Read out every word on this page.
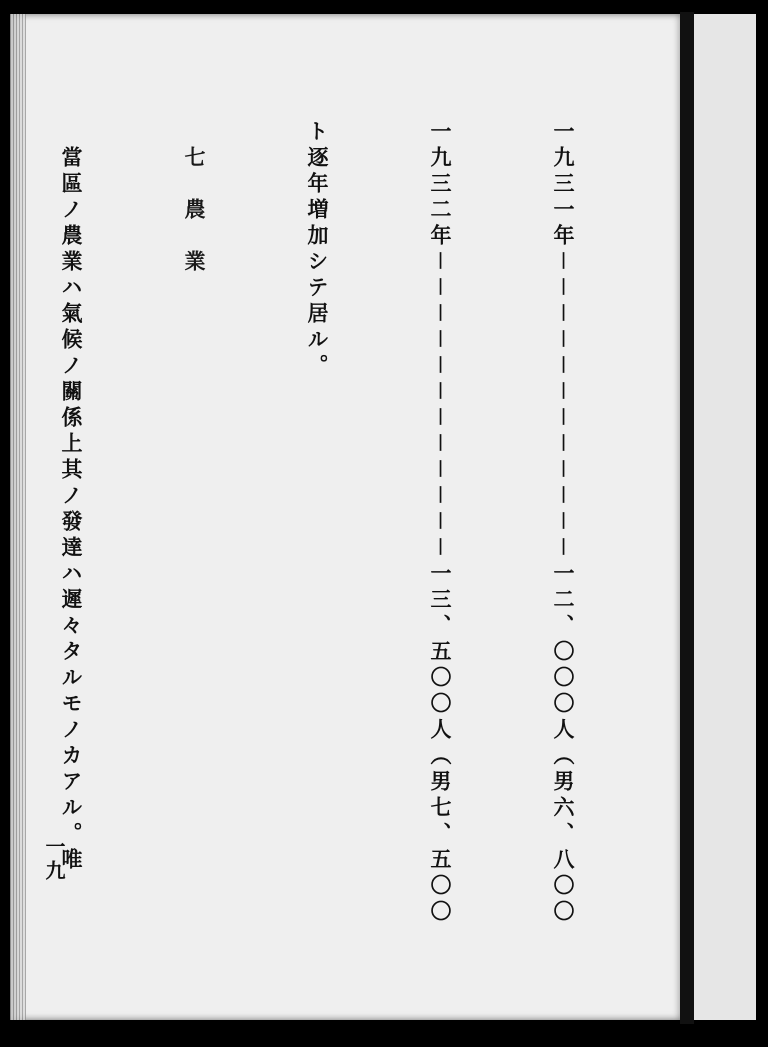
一九三一年－－－－－－－－－－－－一二、〇〇〇人（男六、八〇〇

一九三二年－－－－－－－－－－－－一三、五〇〇人（男七、五〇〇

ト逐年増加シテ居ル。

　七　農　業

　當區ノ農業ハ氣候ノ關係上其ノ發達ハ遲々タルモノカアル。唯

一九
